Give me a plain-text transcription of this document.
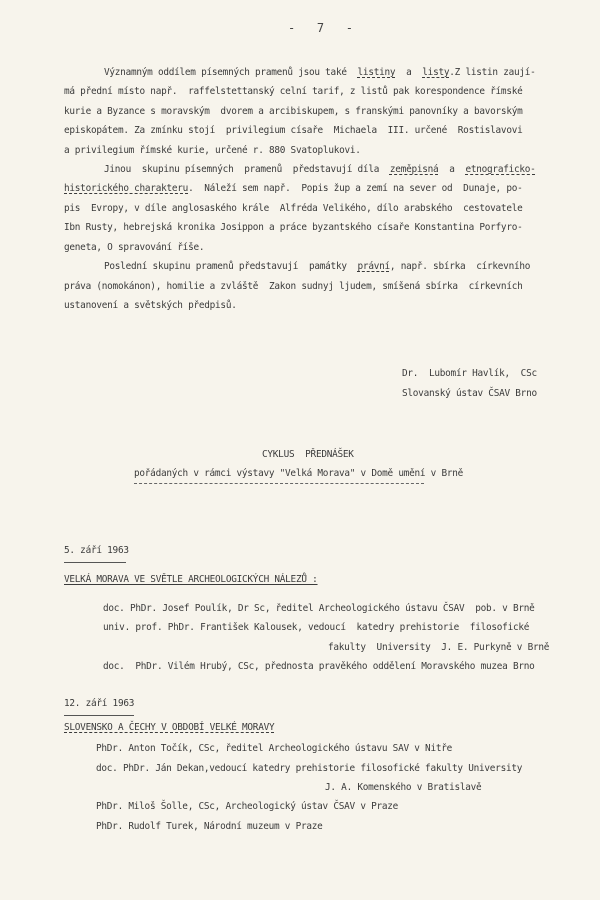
-   7   -
Významným oddílem písemných pramenů jsou také  listiny  a  listy.Z listin zaují-
má přední místo např.  raffelstettanský celní tarif, z listů pak korespondence římské
kurie a Byzance s moravským  dvorem a arcibiskupem, s franskými panovníky a bavorským
episkopátem. Za zmínku stojí  privilegium císaře  Michaela  III. určené  Rostislavovi
a privilegium římské kurie, určené r. 880 Svatoplukovi.
Jinou  skupinu písemných  pramenů  představují díla  zeměpisná  a  etnograficko-
historického charakteru.  Náleží sem např.  Popis žup a zemí na sever od  Dunaje, po-
pis  Evropy, v díle anglosaského krále  Alfréda Velikého, dílo arabského  cestovatele
Ibn Rusty, hebrejská kronika Josippon a práce byzantského císaře Konstantina Porfyro-
geneta, O spravování říše.
Poslední skupinu pramenů představují  památky  právní, např. sbírka  církevního
práva (nomokánon), homilie a zvláště  Zakon sudnyj ljudem, smíšená sbírka  církevních
ustanovení a světských předpisů.
Dr.  Lubomír Havlík,  CSc
Slovanský ústav ČSAV Brno
CYKLUS  PŘEDNÁŠEK
pořádaných v rámci výstavy "Velká Morava" v Domě umění v Brně
5. září 1963
VELKÁ MORAVA VE SVĚTLE ARCHEOLOGICKÝCH NÁLEZŮ :
doc. PhDr. Josef Poulík, Dr Sc, ředitel Archeologického ústavu ČSAV  pob. v Brně
univ. prof. PhDr. František Kalousek, vedoucí  katedry prehistorie  filosofické
fakulty  University  J. E. Purkyně v Brně
doc.  PhDr. Vilém Hrubý, CSc, přednosta pravěkého oddělení Moravského muzea Brno
12. září 1963
SLOVENSKO A ČECHY V OBDOBÍ VELKÉ MORAVY
PhDr. Anton Točík, CSc, ředitel Archeologického ústavu SAV v Nitře
doc. PhDr. Ján Dekan,vedoucí katedry prehistorie filosofické fakulty University
J. A. Komenského v Bratislavě
PhDr. Miloš Šolle, CSc, Archeologický ústav ČSAV v Praze
PhDr. Rudolf Turek, Národní muzeum v Praze
